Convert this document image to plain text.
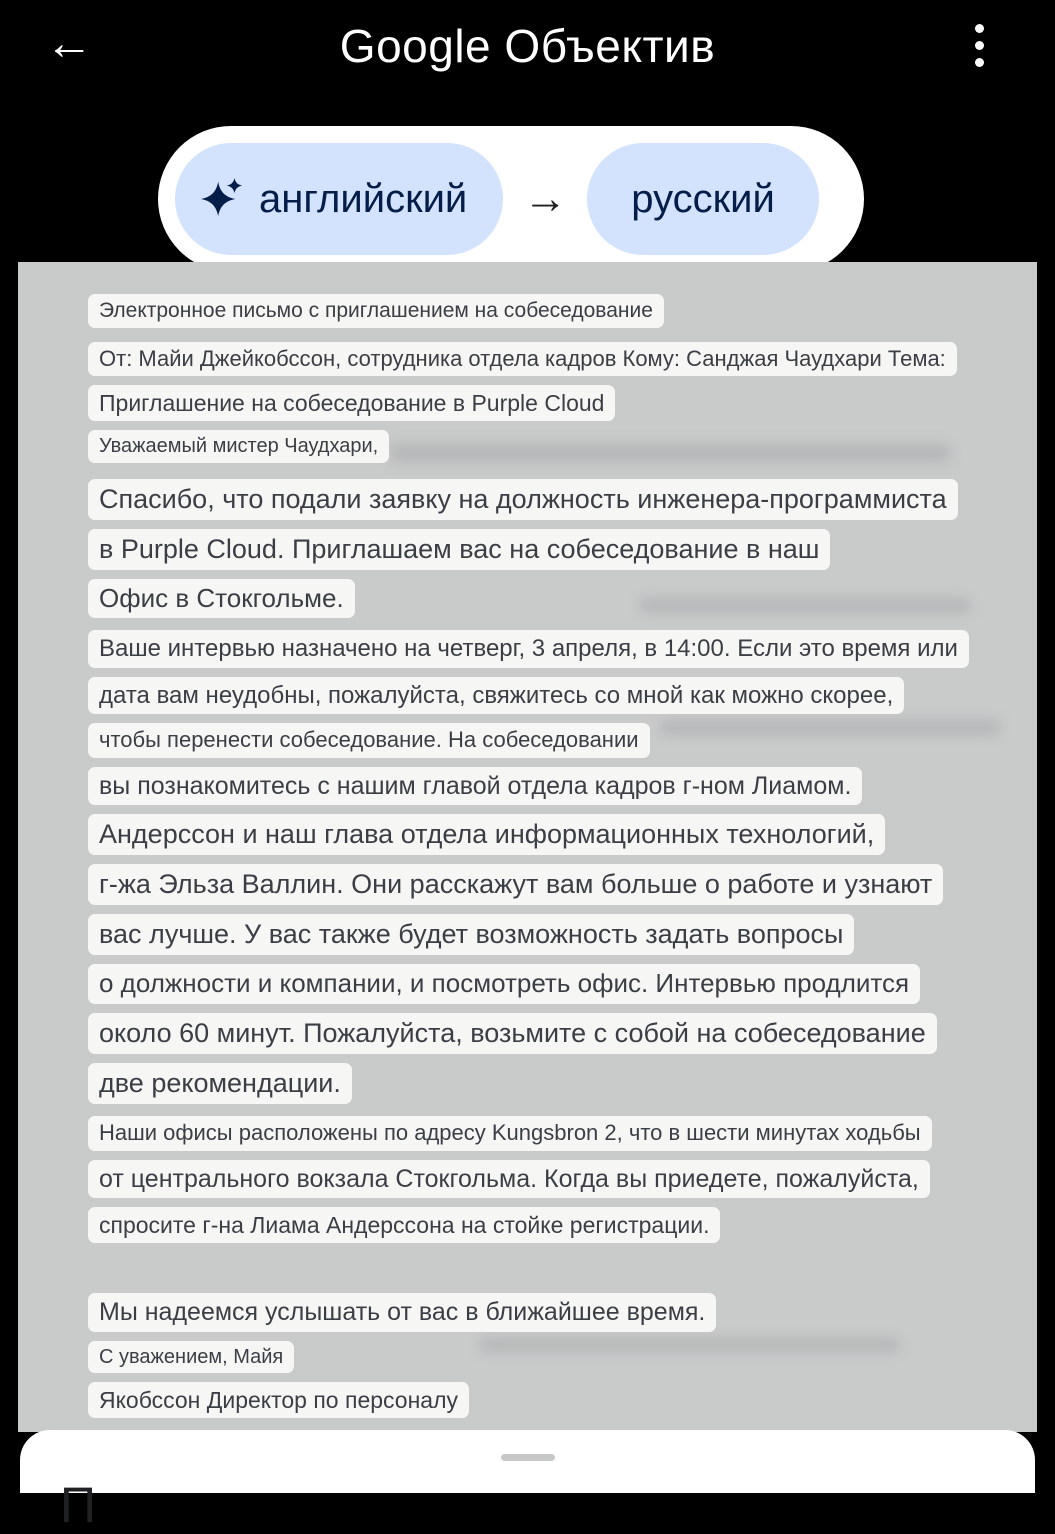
←	Google Объектив
английский → русский
Электронное письмо с приглашением на собеседование
От: Майи Джейкобссон, сотрудника отдела кадров Кому: Санджая Чаудхари Тема:
Приглашение на собеседование в Purple Cloud
Уважаемый мистер Чаудхари,
Спасибо, что подали заявку на должность инженера-программиста
в Purple Cloud. Приглашаем вас на собеседование в наш
Офис в Стокгольме.
Ваше интервью назначено на четверг, 3 апреля, в 14:00. Если это время или
дата вам неудобны, пожалуйста, свяжитесь со мной как можно скорее,
чтобы перенести собеседование. На собеседовании
вы познакомитесь с нашим главой отдела кадров г-ном Лиамом.
Андерссон и наш глава отдела информационных технологий,
г-жа Эльза Валлин. Они расскажут вам больше о работе и узнают
вас лучше. У вас также будет возможность задать вопросы
о должности и компании, и посмотреть офис. Интервью продлится
около 60 минут. Пожалуйста, возьмите с собой на собеседование
две рекомендации.
Наши офисы расположены по адресу Kungsbron 2, что в шести минутах ходьбы
от центрального вокзала Стокгольма. Когда вы приедете, пожалуйста,
спросите г-на Лиама Андерссона на стойке регистрации.
Мы надеемся услышать от вас в ближайшее время.
С уважением, Майя
Якобссон Директор по персоналу
П
